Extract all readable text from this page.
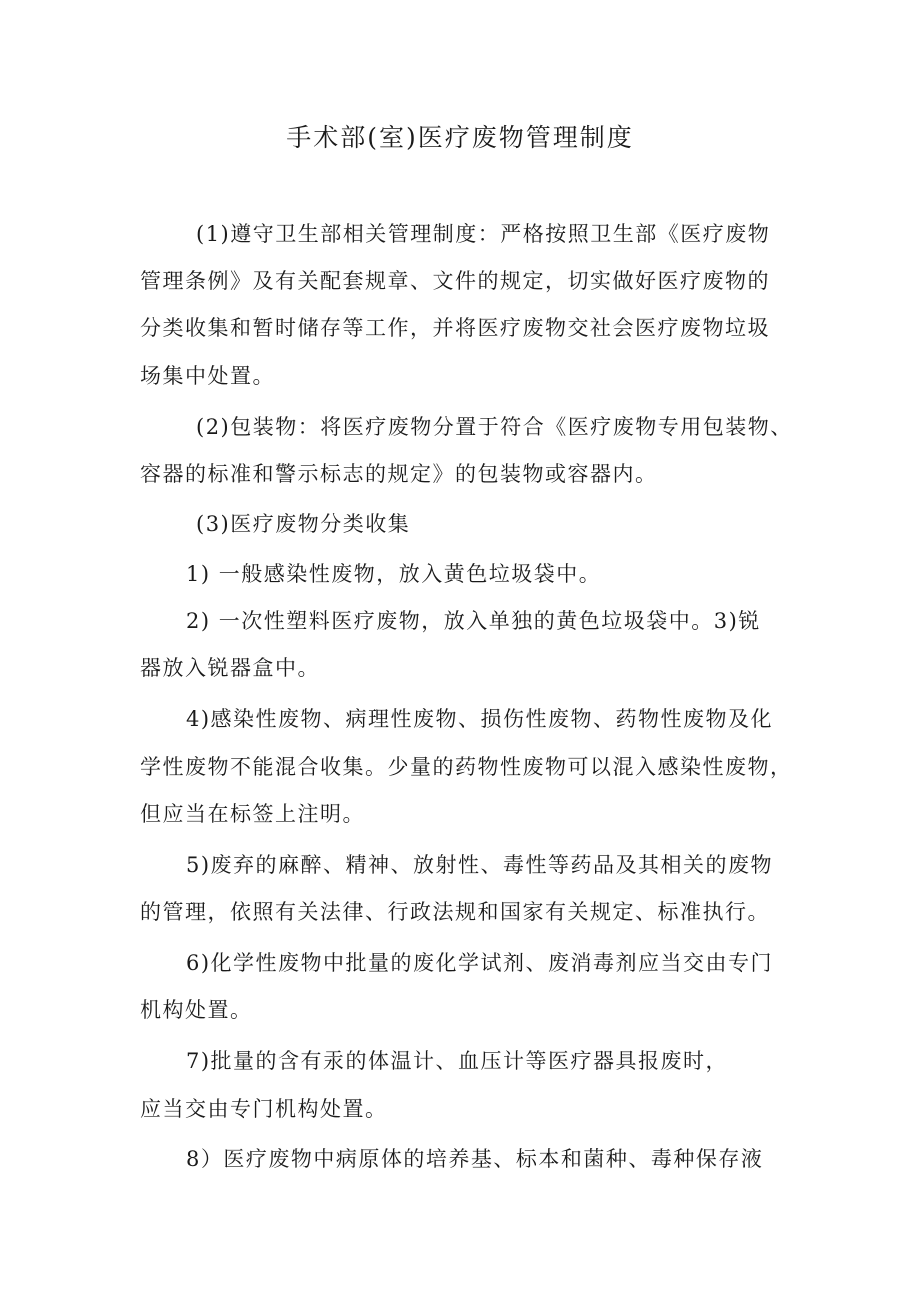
手术部(室)医疗废物管理制度
(1)遵守卫生部相关管理制度：严格按照卫生部《医疗废物
管理条例》及有关配套规章、文件的规定，切实做好医疗废物的
分类收集和暂时储存等工作，并将医疗废物交社会医疗废物垃圾
场集中处置。
(2)包装物：将医疗废物分置于符合《医疗废物专用包装物、
容器的标准和警示标志的规定》的包装物或容器内。
(3)医疗废物分类收集
1) 一般感染性废物，放入黄色垃圾袋中。
2) 一次性塑料医疗废物，放入单独的黄色垃圾袋中。3)锐
器放入锐器盒中。
4)感染性废物、病理性废物、损伤性废物、药物性废物及化
学性废物不能混合收集。少量的药物性废物可以混入感染性废物，
但应当在标签上注明。
5)废弃的麻醉、精神、放射性、毒性等药品及其相关的废物
的管理，依照有关法律、行政法规和国家有关规定、标准执行。
6)化学性废物中批量的废化学试剂、废消毒剂应当交由专门
机构处置。
7)批量的含有汞的体温计、血压计等医疗器具报废时，
应当交由专门机构处置。
8）医疗废物中病原体的培养基、标本和菌种、毒种保存液
